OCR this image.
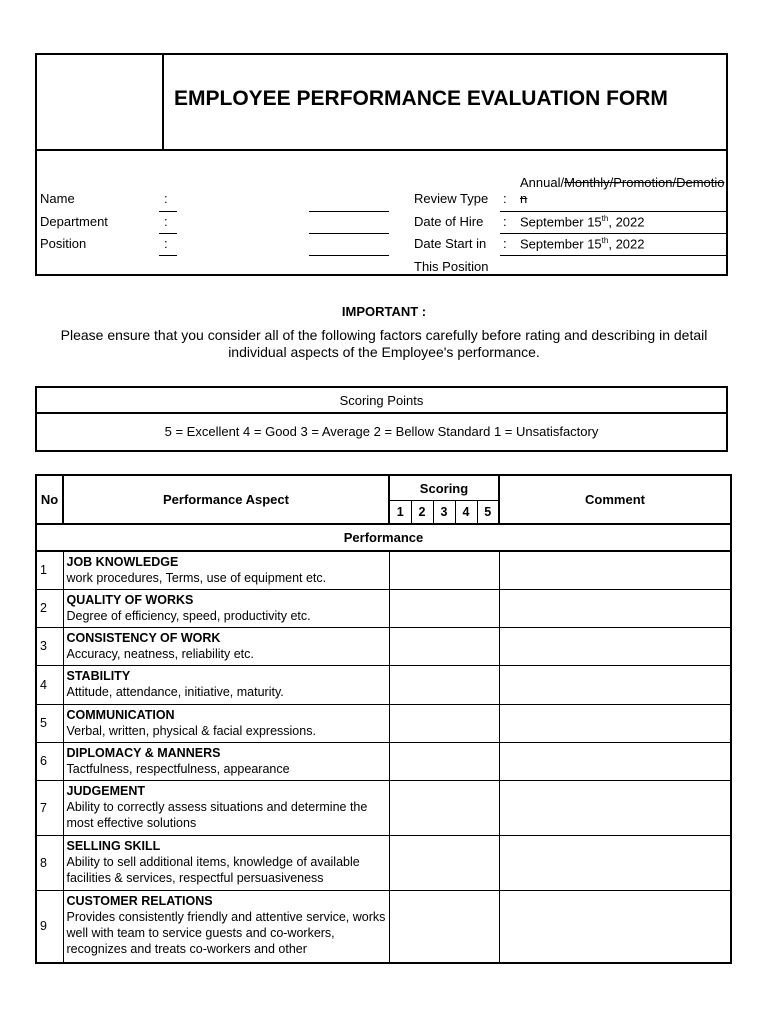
EMPLOYEE PERFORMANCE EVALUATION FORM
Name	:
Department	:
Position	:
Review Type :
Annual/Monthly/Promotion/Demotio
n
Date of Hire : September 15th, 2022
Date Start in : September 15th, 2022
This Position
IMPORTANT :
Please ensure that you consider all of the following factors carefully before rating and describing in detail individual aspects of the Employee's performance.
Scoring Points
5 = Excellent 4 = Good 3 = Average 2 = Bellow Standard 1 = Unsatisfactory
No	Performance Aspect	Scoring					Comment
		1	2	3	4	5	
Performance							
1	JOB KNOWLEDGE
work procedures, Terms, use of equipment etc.						

2	QUALITY OF WORKS
Degree of efficiency, speed, productivity etc.						

3	CONSISTENCY OF WORK
Accuracy, neatness, reliability etc.						

4	STABILITY
Attitude, attendance, initiative, maturity.						

5	COMMUNICATION
Verbal, written, physical & facial expressions.						

6	DIPLOMACY & MANNERS
Tactfulness, respectfulness, appearance						

7	JUDGEMENT
Ability to correctly assess situations and determine the most effective solutions						

8	SELLING SKILL
Ability to sell additional items, knowledge of available facilities & services, respectful persuasiveness						

9	CUSTOMER RELATIONS
Provides consistently friendly and attentive service, works well with team to service guests and co-workers, recognizes and treats co-workers and other						
